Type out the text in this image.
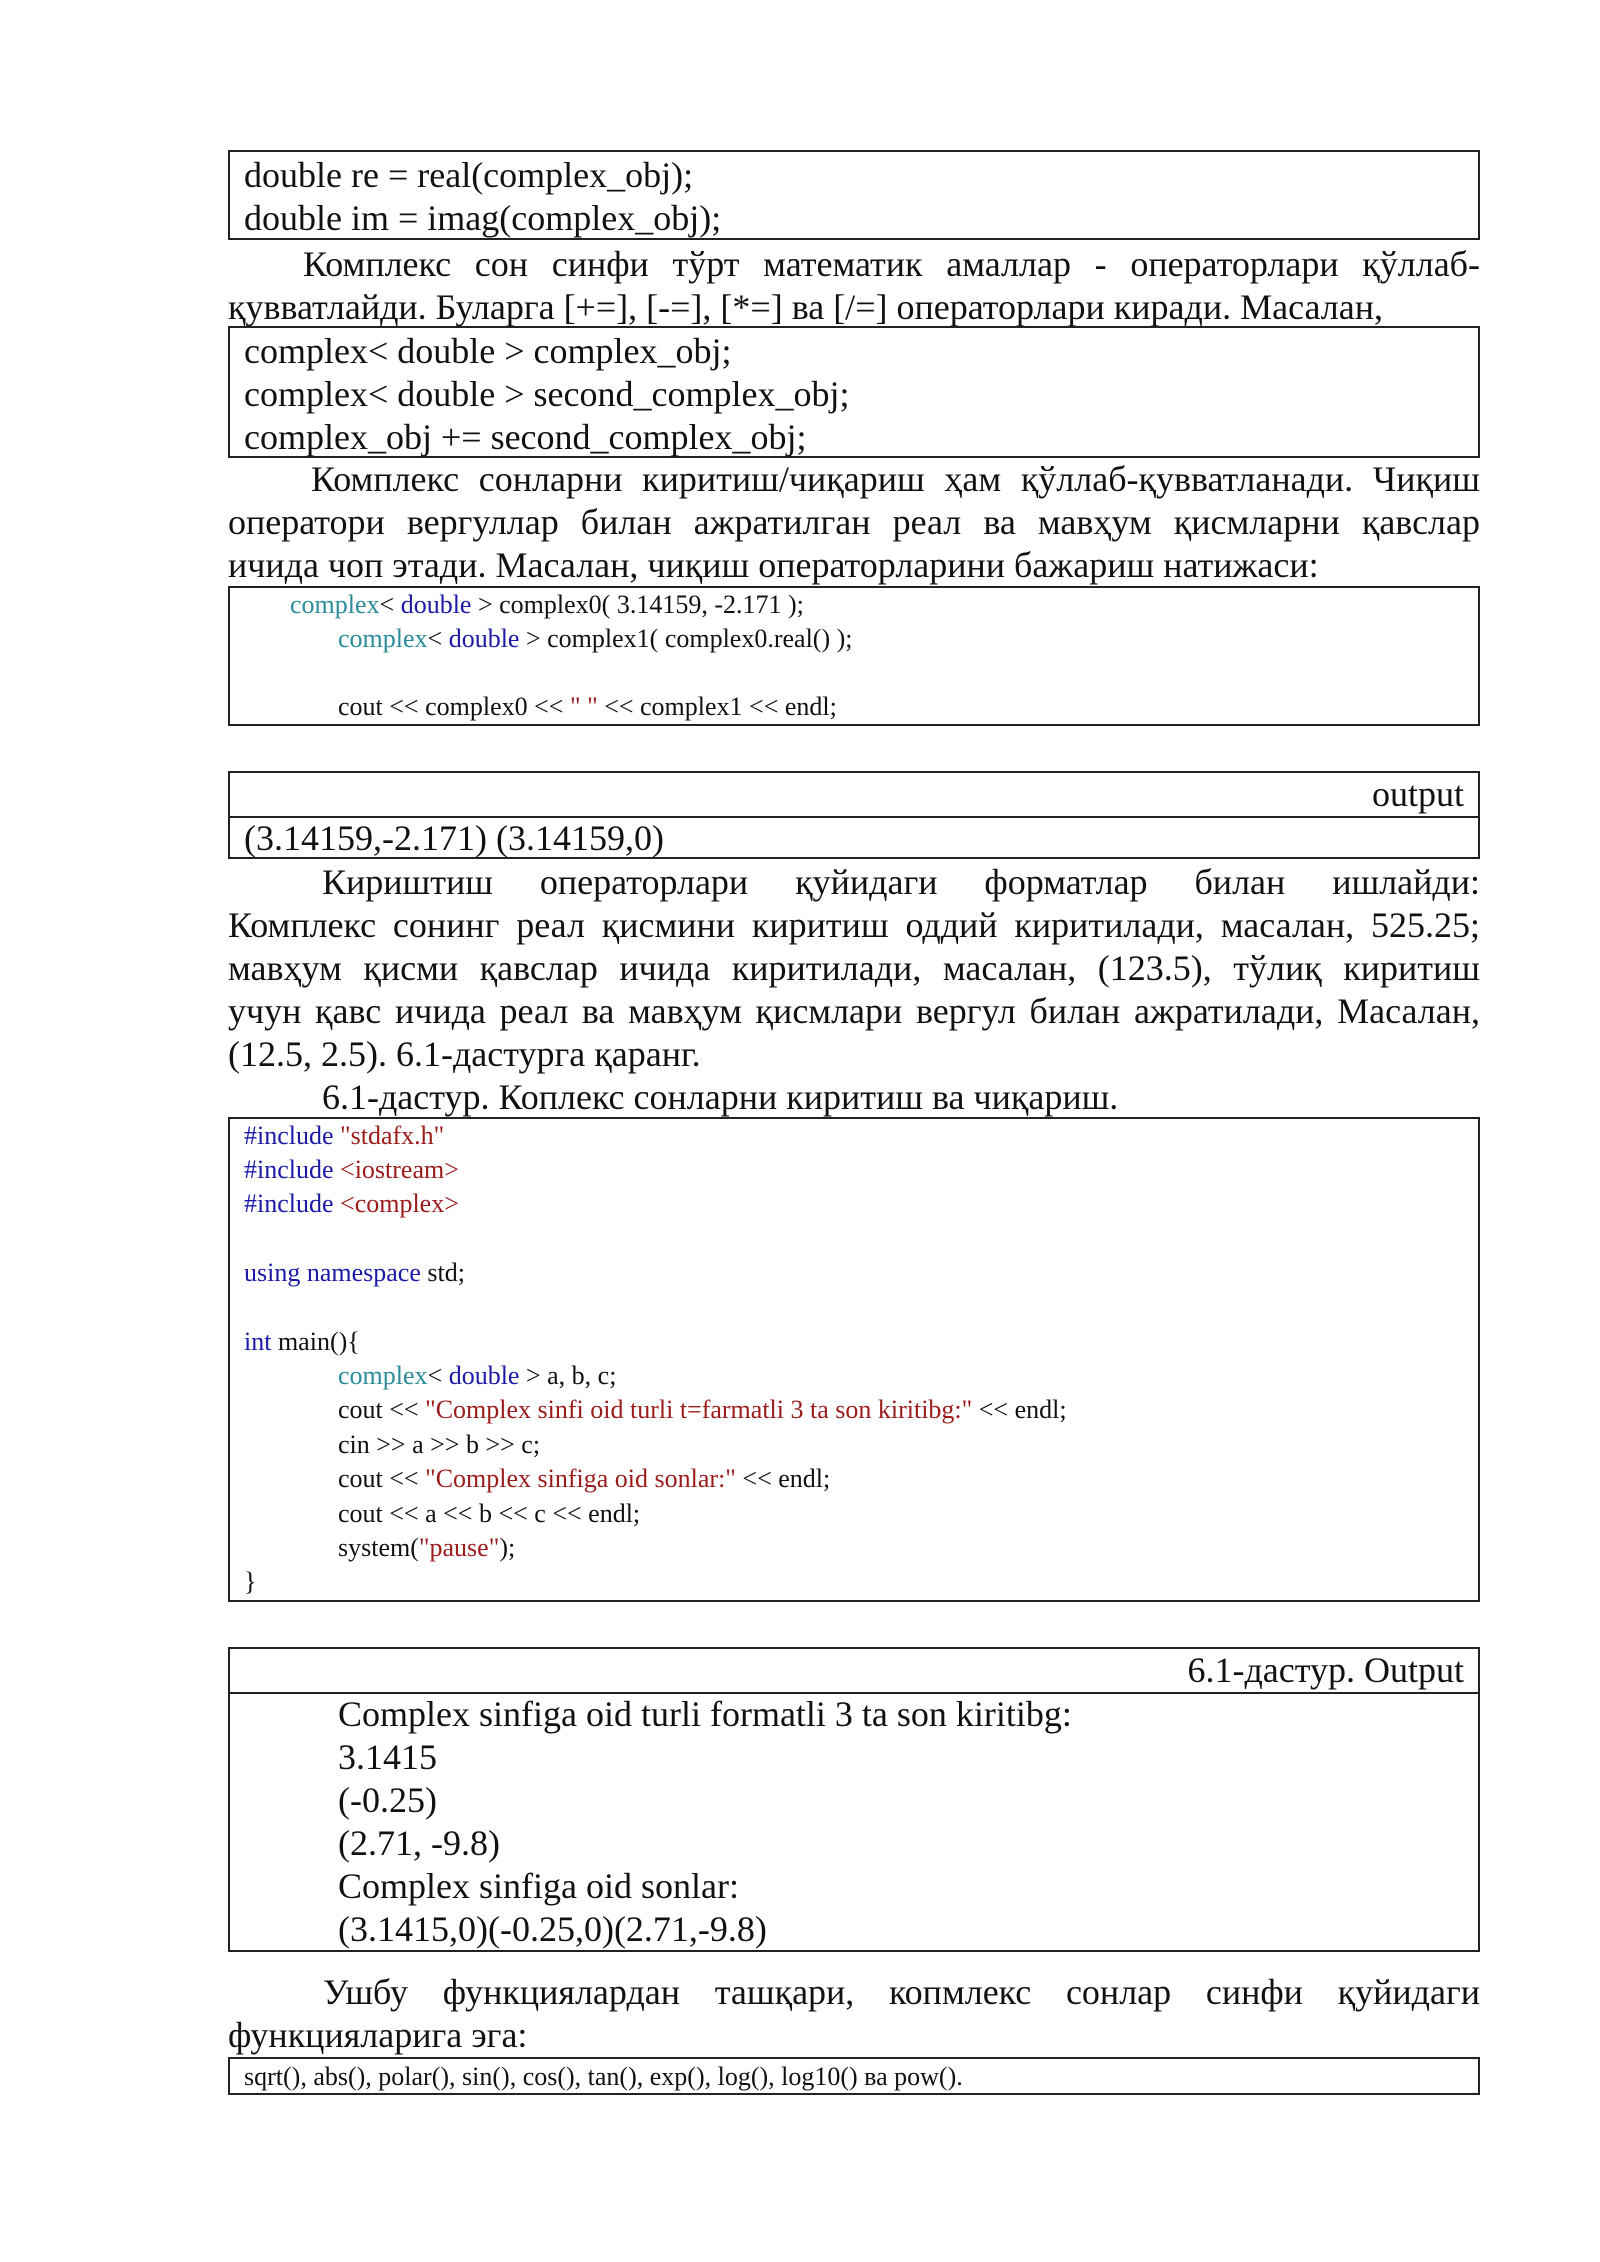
double re = real(complex_obj);
double im = imag(complex_obj);
Комплекс сон синфи тўрт математик амаллар - операторлари қўллаб-
қувватлайди. Буларга [+=], [-=], [*=] ва [/=] операторлари киради. Масалан,
complex< double > complex_obj;
complex< double > second_complex_obj;
complex_obj += second_complex_obj;
Комплекс сонларни киритиш/чиқариш ҳам қўллаб-қувватланади. Чиқиш
оператори вергуллар билан ажратилган реал ва мавҳум қисмларни қавслар
ичида чоп этади. Масалан, чиқиш операторларини бажариш натижаси:
complex< double > complex0( 3.14159, -2.171 );
complex< double > complex1( complex0.real() );
cout << complex0 << " " << complex1 << endl;
output
(3.14159,-2.171) (3.14159,0)
Кириштиш операторлари қуйидаги форматлар билан ишлайди:
Комплекс сонинг реал қисмини киритиш оддий киритилади, масалан, 525.25;
мавҳум қисми қавслар ичида киритилади, масалан, (123.5), тўлиқ киритиш
учун қавс ичида реал ва мавҳум қисмлари вергул билан ажратилади, Масалан,
(12.5, 2.5). 6.1-дастурга қаранг.
6.1-дастур. Коплекс сонларни киритиш ва чиқариш.
#include "stdafx.h"
#include <iostream>
#include <complex>
using namespace std;
int main(){
complex< double > a, b, c;
cout << "Complex sinfi oid turli t=farmatli 3 ta son kiritibg:" << endl;
cin >> a >> b >> c;
cout << "Complex sinfiga oid sonlar:" << endl;
cout << a << b << c << endl;
system("pause");
}
6.1-дастур. Output
Complex sinfiga oid turli formatli 3 ta son kiritibg:
3.1415
(-0.25)
(2.71, -9.8)
Complex sinfiga oid sonlar:
(3.1415,0)(-0.25,0)(2.71,-9.8)
Ушбу функциялардан ташқари, копмлекс сонлар синфи қуйидаги
функцияларига эга:
sqrt(), abs(), polar(), sin(), cos(), tan(), exp(), log(), log10() ва pow().
